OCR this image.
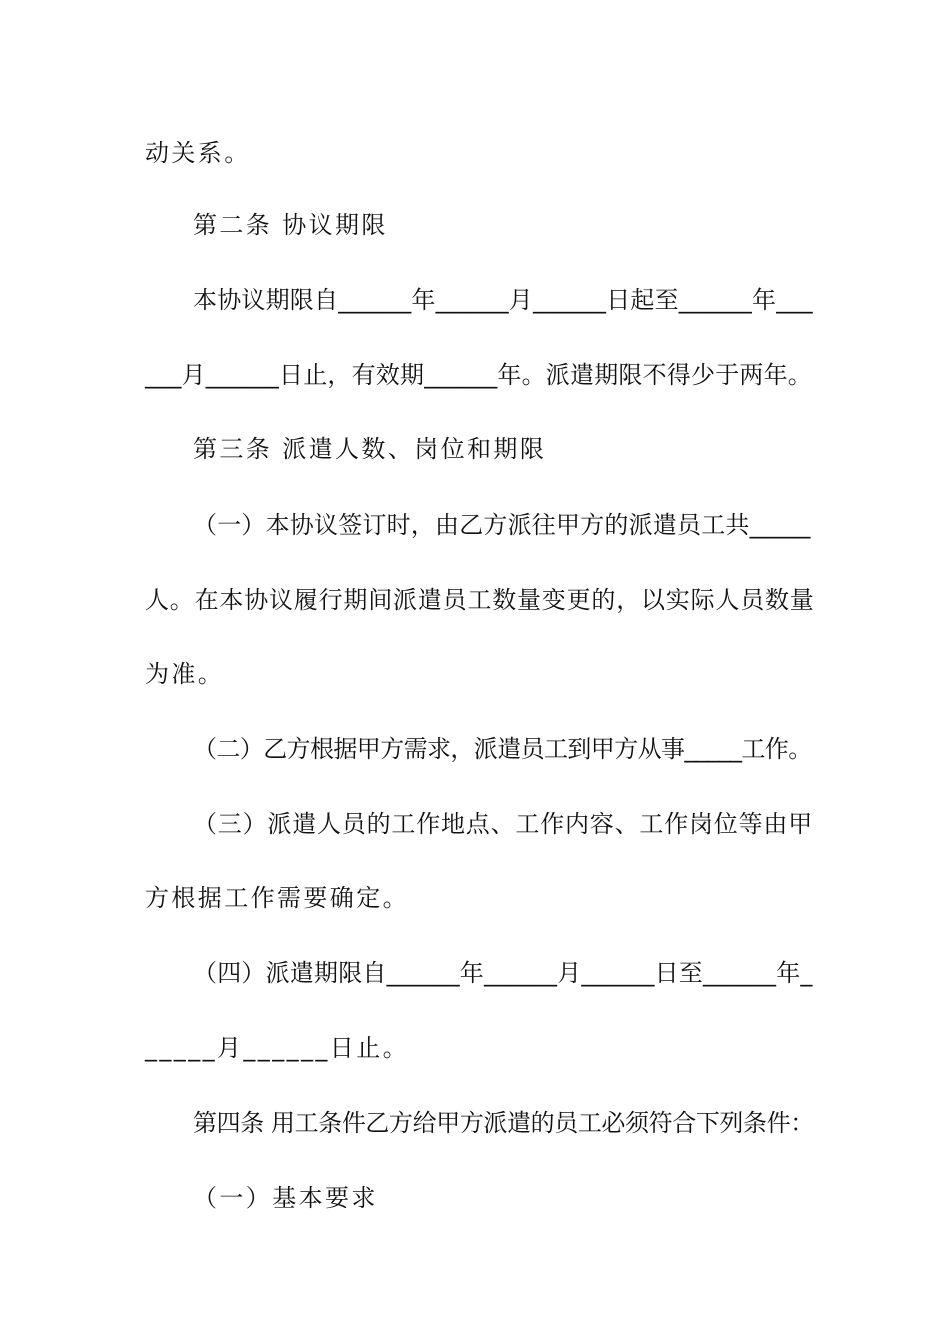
动关系。
第二条 协议期限
本协议期限自______年______月______日起至______年___
___月______日止，有效期______年。派遣期限不得少于两年。
第三条 派遣人数、岗位和期限
（一）本协议签订时，由乙方派往甲方的派遣员工共_____
人。在本协议履行期间派遣员工数量变更的，以实际人员数量
为准。
（二）乙方根据甲方需求，派遣员工到甲方从事_____工作。
（三）派遣人员的工作地点、工作内容、工作岗位等由甲
方根据工作需要确定。
（四）派遣期限自______年______月______日至______年_
_____月______日止。
第四条 用工条件乙方给甲方派遣的员工必须符合下列条件：
（一）基本要求
